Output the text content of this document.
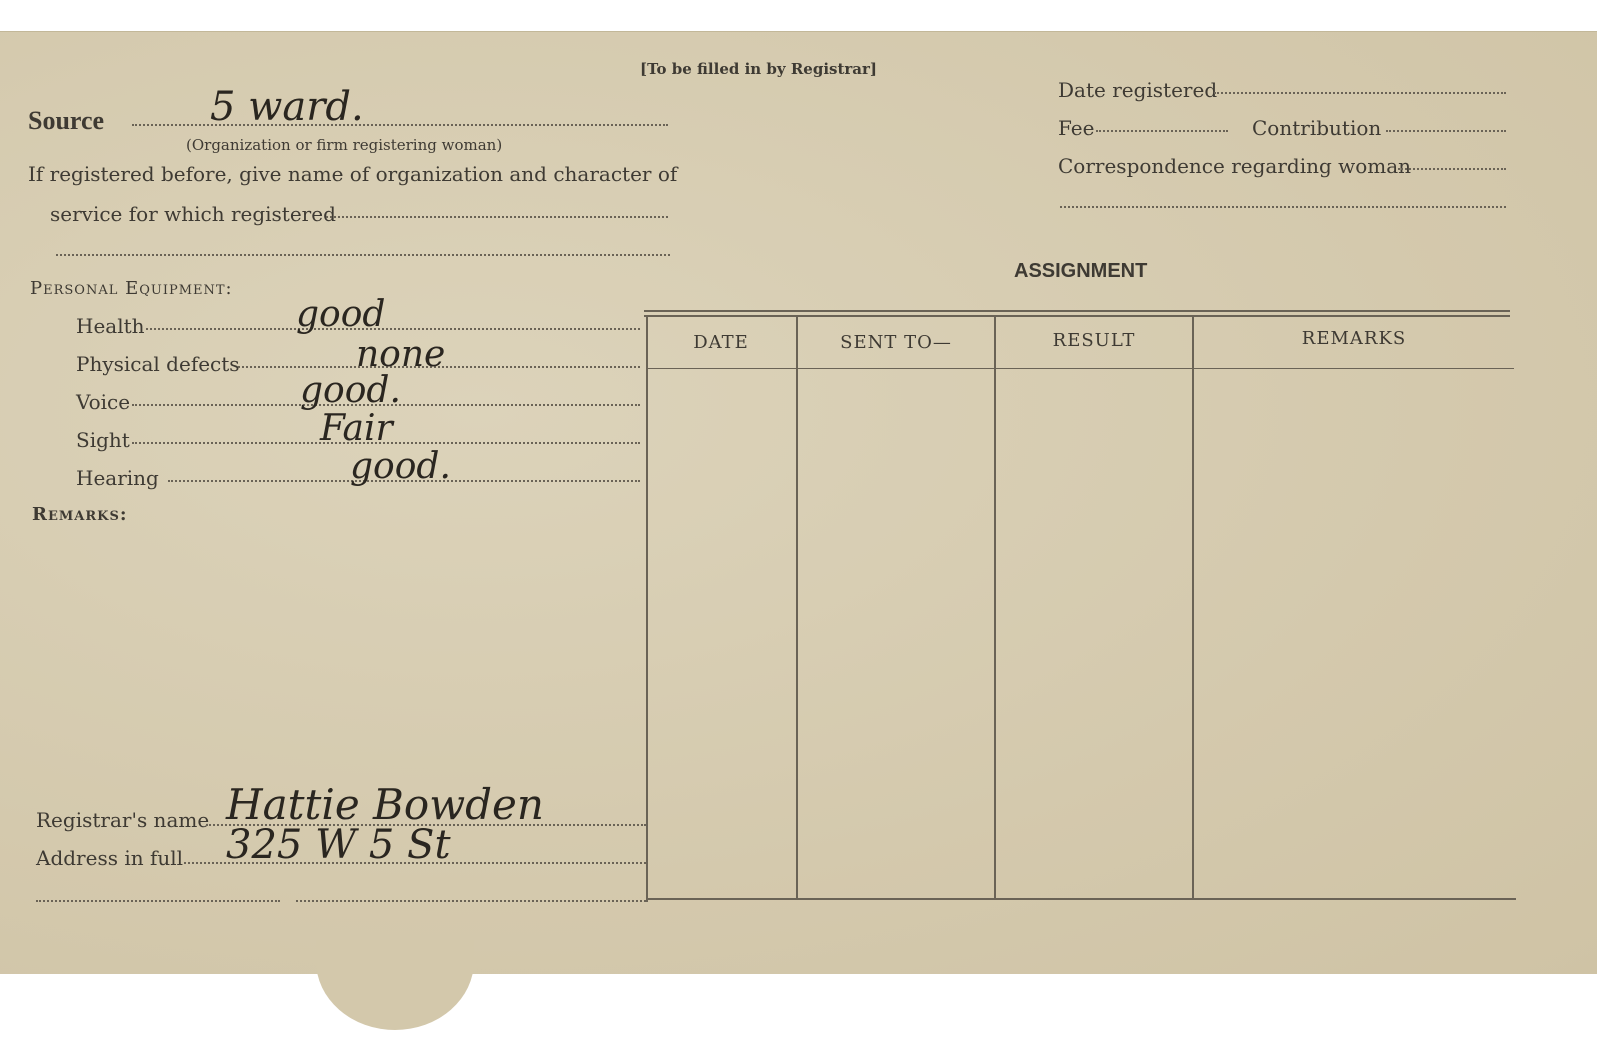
[To be filled in by Registrar]
Source	5 ward.
(Organization or firm registering woman)
If registered before, give name of organization and character of
service for which registered
Personal Equipment:
Health	good
Physical defects	none
Voice	good.
Sight	Fair
Hearing	good.
Remarks:
Registrar's name Hattie Bowden
Address in full 325 W 5 St
Date registered
Fee	Contribution
Correspondence regarding woman
ASSIGNMENT
DATE	SENT TO—	RESULT	REMARKS
